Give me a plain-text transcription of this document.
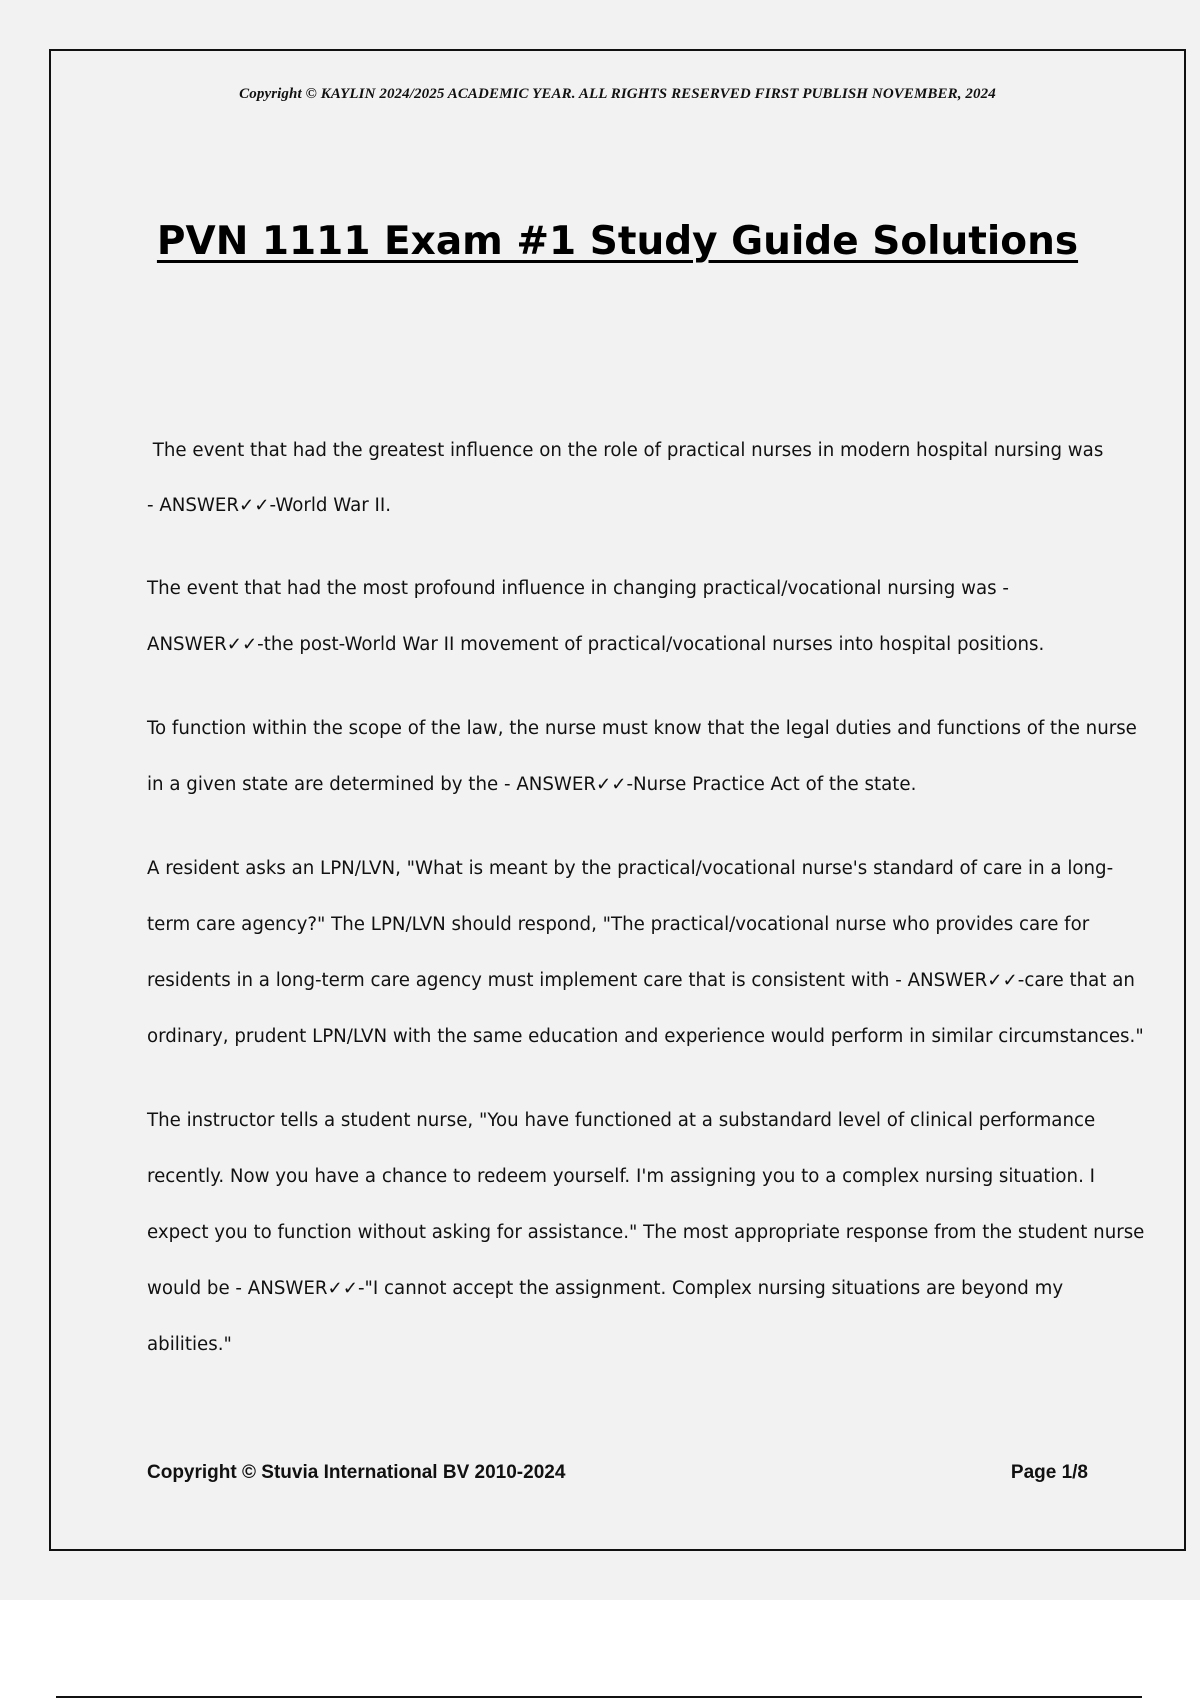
Copyright © KAYLIN 2024/2025 ACADEMIC YEAR. ALL RIGHTS RESERVED FIRST PUBLISH NOVEMBER, 2024
PVN 1111 Exam #1 Study Guide Solutions

The event that had the greatest influence on the role of practical nurses in modern hospital nursing was
- ANSWER✓✓-World War II.

The event that had the most profound influence in changing practical/vocational nursing was -
ANSWER✓✓-the post-World War II movement of practical/vocational nurses into hospital positions.

To function within the scope of the law, the nurse must know that the legal duties and functions of the nurse in a given state are determined by the - ANSWER✓✓-Nurse Practice Act of the state.

A resident asks an LPN/LVN, "What is meant by the practical/vocational nurse's standard of care in a long-term care agency?" The LPN/LVN should respond, "The practical/vocational nurse who provides care for residents in a long-term care agency must implement care that is consistent with - ANSWER✓✓-care that an ordinary, prudent LPN/LVN with the same education and experience would perform in similar circumstances."

The instructor tells a student nurse, "You have functioned at a substandard level of clinical performance recently. Now you have a chance to redeem yourself. I'm assigning you to a complex nursing situation. I expect you to function without asking for assistance." The most appropriate response from the student nurse would be - ANSWER✓✓-"I cannot accept the assignment. Complex nursing situations are beyond my abilities."

Copyright © Stuvia International BV 2010-2024	Page 1/8
